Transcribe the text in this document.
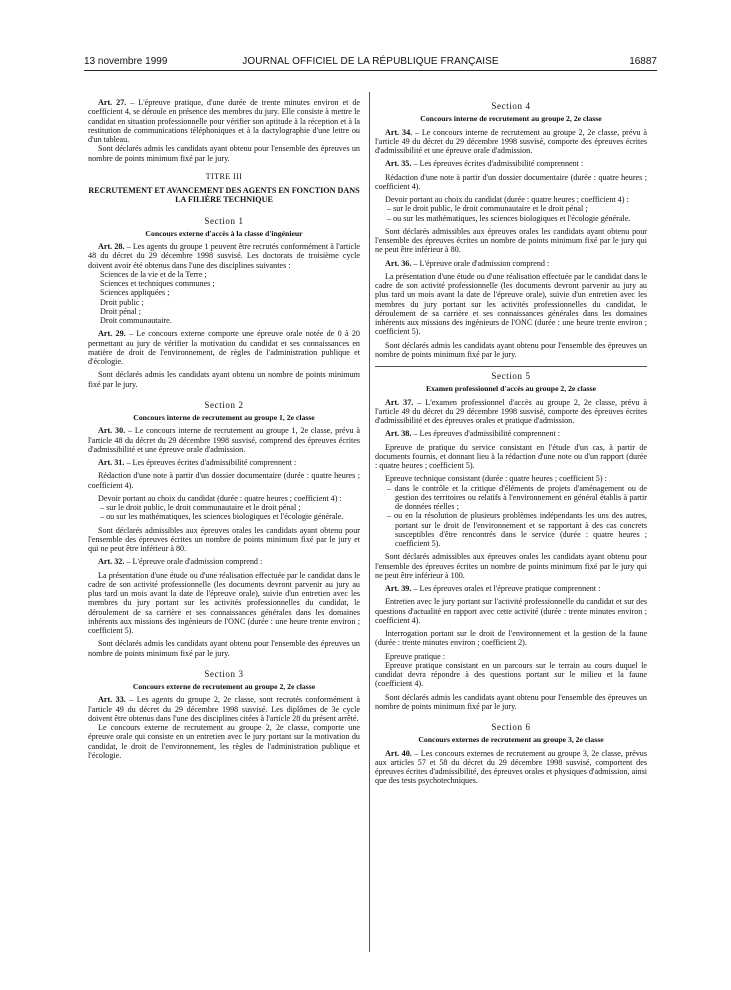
13 novembre 1999	JOURNAL OFFICIEL DE LA RÉPUBLIQUE FRANÇAISE	16887

Art. 27. – L'épreuve pratique, d'une durée de trente minutes environ et de coefficient 4, se déroule en présence des membres du jury. Elle consiste à mettre le candidat en situation professionnelle pour vérifier son aptitude à la réception et à la restitution de communications téléphoniques et à la dactylographie d'une lettre ou d'un tableau.

Sont déclarés admis les candidats ayant obtenu pour l'ensemble des épreuves un nombre de points minimum fixé par le jury.

TITRE III

RECRUTEMENT ET AVANCEMENT DES AGENTS EN FONCTION DANS LA FILIÈRE TECHNIQUE

Section 1

Concours externe d'accès à la classe d'ingénieur

Art. 28. – Les agents du groupe 1 peuvent être recrutés conformément à l'article 48 du décret du 29 décembre 1998 susvisé. Les doctorats de troisième cycle doivent avoir été obtenus dans l'une des disciplines suivantes :

Sciences de la vie et de la Terre ;

Sciences et techniques communes ;

Sciences appliquées ;

Droit public ;

Droit pénal ;

Droit communautaire.

Art. 29. – Le concours externe comporte une épreuve orale notée de 0 à 20 permettant au jury de vérifier la motivation du candidat et ses connaissances en matière de droit de l'environnement, de règles de l'administration publique et d'écologie.

Sont déclarés admis les candidats ayant obtenu un nombre de points minimum fixé par le jury.

Section 2

Concours interne de recrutement au groupe 1, 2e classe

Art. 30. – Le concours interne de recrutement au groupe 1, 2e classe, prévu à l'article 48 du décret du 29 décembre 1998 susvisé, comprend des épreuves écrites d'admissibilité et une épreuve orale d'admission.

Art. 31. – Les épreuves écrites d'admissibilité comprennent :

Rédaction d'une note à partir d'un dossier documentaire (durée : quatre heures ; coefficient 4).

Devoir portant au choix du candidat (durée : quatre heures ; coefficient 4) :

– sur le droit public, le droit communautaire et le droit pénal ;

– ou sur les mathématiques, les sciences biologiques et l'écologie générale.

Sont déclarés admissibles aux épreuves orales les candidats ayant obtenu pour l'ensemble des épreuves écrites un nombre de points minimum fixé par le jury et qui ne peut être inférieur à 80.

Art. 32. – L'épreuve orale d'admission comprend :

La présentation d'une étude ou d'une réalisation effectuée par le candidat dans le cadre de son activité professionnelle (les documents devront parvenir au jury au plus tard un mois avant la date de l'épreuve orale), suivie d'un entretien avec les membres du jury portant sur les activités professionnelles du candidat, le déroulement de sa carrière et ses connaissances générales dans les domaines inhérents aux missions des ingénieurs de l'ONC (durée : une heure trente environ ; coefficient 5).

Sont déclarés admis les candidats ayant obtenu pour l'ensemble des épreuves un nombre de points minimum fixé par le jury.

Section 3

Concours externe de recrutement au groupe 2, 2e classe

Art. 33. – Les agents du groupe 2, 2e classe, sont recrutés conformément à l'article 49 du décret du 29 décembre 1998 susvisé. Les diplômes de 3e cycle doivent être obtenus dans l'une des disciplines citées à l'article 28 du présent arrêté.

Le concours externe de recrutement au groupe 2, 2e classe, comporte une épreuve orale qui consiste en un entretien avec le jury portant sur la motivation du candidat, le droit de l'environnement, les règles de l'administration publique et l'écologie.

Section 4

Concours interne de recrutement au groupe 2, 2e classe

Art. 34. – Le concours interne de recrutement au groupe 2, 2e classe, prévu à l'article 49 du décret du 29 décembre 1998 susvisé, comporte des épreuves écrites d'admissibilité et une épreuve orale d'admission.

Art. 35. – Les épreuves écrites d'admissibilité comprennent :

Rédaction d'une note à partir d'un dossier documentaire (durée : quatre heures ; coefficient 4).

Devoir portant au choix du candidat (durée : quatre heures ; coefficient 4) :

– sur le droit public, le droit communautaire et le droit pénal ;

– ou sur les mathématiques, les sciences biologiques et l'écologie générale.

Sont déclarés admissibles aux épreuves orales les candidats ayant obtenu pour l'ensemble des épreuves écrites un nombre de points minimum fixé par le jury qui ne peut être inférieur à 80.

Art. 36. – L'épreuve orale d'admission comprend :

La présentation d'une étude ou d'une réalisation effectuée par le candidat dans le cadre de son activité professionnelle (les documents devront parvenir au jury au plus tard un mois avant la date de l'épreuve orale), suivie d'un entretien avec les membres du jury portant sur les activités professionnelles du candidat, le déroulement de sa carrière et ses connaissances générales dans les domaines inhérents aux missions des ingénieurs de l'ONC (durée : une heure trente environ ; coefficient 5).

Sont déclarés admis les candidats ayant obtenu pour l'ensemble des épreuves un nombre de points minimum fixé par le jury.

Section 5

Examen professionnel d'accès au groupe 2, 2e classe

Art. 37. – L'examen professionnel d'accès au groupe 2, 2e classe, prévu à l'article 49 du décret du 29 décembre 1998 susvisé, comporte des épreuves écrites d'admissibilité et des épreuves orales et pratique d'admission.

Art. 38. – Les épreuves d'admissibilité comprennent :

Epreuve de pratique du service consistant en l'étude d'un cas, à partir de documents fournis, et donnant lieu à la rédaction d'une note ou d'un rapport (durée : quatre heures ; coefficient 5).

Epreuve technique consistant (durée : quatre heures ; coefficient 5) :

– dans le contrôle et la critique d'éléments de projets d'aménagement ou de gestion des territoires ou relatifs à l'environnement en général établis à partir de données réelles ;

– ou en la résolution de plusieurs problèmes indépendants les uns des autres, portant sur le droit de l'environnement et se rapportant à des cas concrets susceptibles d'être rencontrés dans le service (durée : quatre heures ; coefficient 5).

Sont déclarés admissibles aux épreuves orales les candidats ayant obtenu pour l'ensemble des épreuves écrites un nombre de points minimum fixé par le jury qui ne peut être inférieur à 100.

Art. 39. – Les épreuves orales et l'épreuve pratique comprennent :

Entretien avec le jury portant sur l'activité professionnelle du candidat et sur des questions d'actualité en rapport avec cette activité (durée : trente minutes environ ; coefficient 4).

Interrogation portant sur le droit de l'environnement et la gestion de la faune (durée : trente minutes environ ; coefficient 2).

Epreuve pratique :

Epreuve pratique consistant en un parcours sur le terrain au cours duquel le candidat devra répondre à des questions portant sur le milieu et la faune (coefficient 4).

Sont déclarés admis les candidats ayant obtenu pour l'ensemble des épreuves un nombre de points minimum fixé par le jury.

Section 6

Concours externes de recrutement au groupe 3, 2e classe

Art. 40. – Les concours externes de recrutement au groupe 3, 2e classe, prévus aux articles 57 et 58 du décret du 29 décembre 1998 susvisé, comportent des épreuves écrites d'admissibilité, des épreuves orales et physiques d'admission, ainsi que des tests psychotechniques.
